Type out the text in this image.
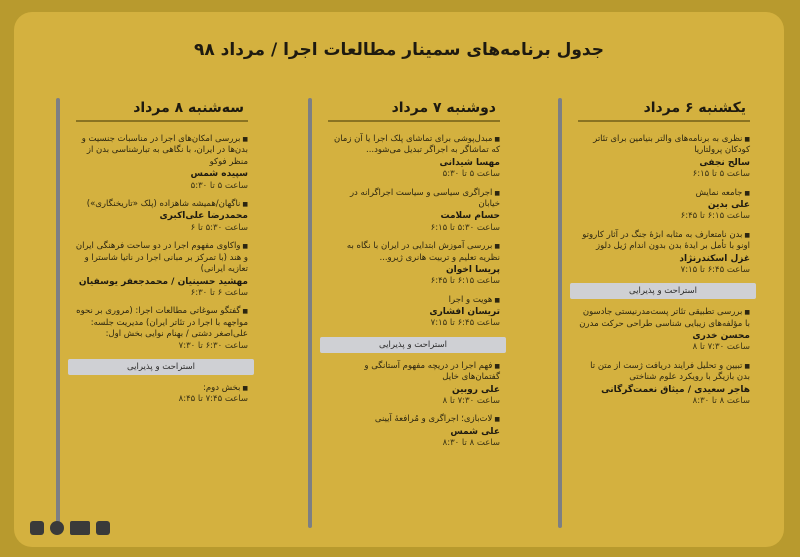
جدول برنامه‌های سمینار مطالعات اجرا / مرداد ۹۸
یکشنبه ۶ مرداد
■ نظری به برنامه‌های والتر بنیامین برای تئاتر کودکان پرولتاریا
سالح نجفی
ساعت ۵ تا ۶:۱۵
■ جامعه نمایش
علی بدین
ساعت ۶:۱۵ تا ۶:۴۵
■ بدن نامتعارف به مثابه ابژهٔ جنگ در آثار کاروتو اونو با تأمل بر ایدهٔ بدن بدون اندام ژیل دلوز
غزل اسکندرنژاد
ساعت ۶:۴۵ تا ۷:۱۵
استراحت و پذیرایی
■ بررسی تطبیقی تئاتر پست‌مدرنیستی جادسون با مؤلفه‌های زیبایی شناسی طراحی حرکت مدرن
محسن خدری
ساعت ۷:۳۰ تا ۸
■ تبیین و تحلیل فرایند دریافت ژست از متن تا بدن بازیگر با رویکرد علوم شناختی
هاجر سعیدی / میثاق نعمت‌گرگانی
ساعت ۸ تا ۸:۳۰
دوشنبه ۷ مرداد
■ مبدل‌پوشی برای تماشای پلک اجرا یا آن زمان که تماشاگر به اجراگر تبدیل می‌شود...
مهسا شیدانی
ساعت ۵ تا ۵:۳۰
■ اجراگری سیاسی و سیاست اجراگرانه در خیابان
حسام سلامت
ساعت ۵:۳۰ تا ۶:۱۵
■ بررسی آموزش ابتدایی در ایران با نگاه به نظریه تعلیم و تربیت هانری ژیرو...
پریسا اخوان
ساعت ۶:۱۵ تا ۶:۴۵
■ هویت و اجرا
تریسان افشاری
ساعت ۶:۴۵ تا ۷:۱۵
استراحت و پذیرایی
■ فهم اجرا در دریچه مفهوم آستانگی و گفتمان‌های خایل
علی روبین
ساعت ۷:۳۰ تا ۸
■ لات‌بازی؛ اجراگری و مُرافعهٔ آیینی
علی شمس
ساعت ۸ تا ۸:۳۰
سه‌شنبه ۸ مرداد
■ بررسی امکان‌های اجرا در مناسبات جنسیت و بدن‌ها در ایران، با نگاهی به تبارشناسی بدن از منظر فوکو
سپیده شمس
ساعت ۵ تا ۵:۳۰
■ ناگهان/همیشه شاهزاده (پلک «تاریخنگاری»)
محمدرضا علی‌اکبری
ساعت ۵:۳۰ تا ۶
■ واکاوی مفهوم اجرا در دو ساحت فرهنگی ایران و هند (با تمرکز بر مبانی اجرا در ناتیا شاسترا و تعازیه ایرانی)
مهشید حسینیان / محمدجعفر یوسفیان
ساعت ۶ تا ۶:۳۰
■ گفتگو سوغاتی مطالعات اجرا: (مروری بر نحوه مواجهه با اجرا در تئاتر ایران) مدیریت جلسه: علی‌اصغر دشتی / بهنام نوایی بخش اول:
ساعت ۶:۳۰ تا ۷:۳۰
استراحت و پذیرایی
■ بخش دوم:
ساعت ۷:۴۵ تا ۸:۴۵
